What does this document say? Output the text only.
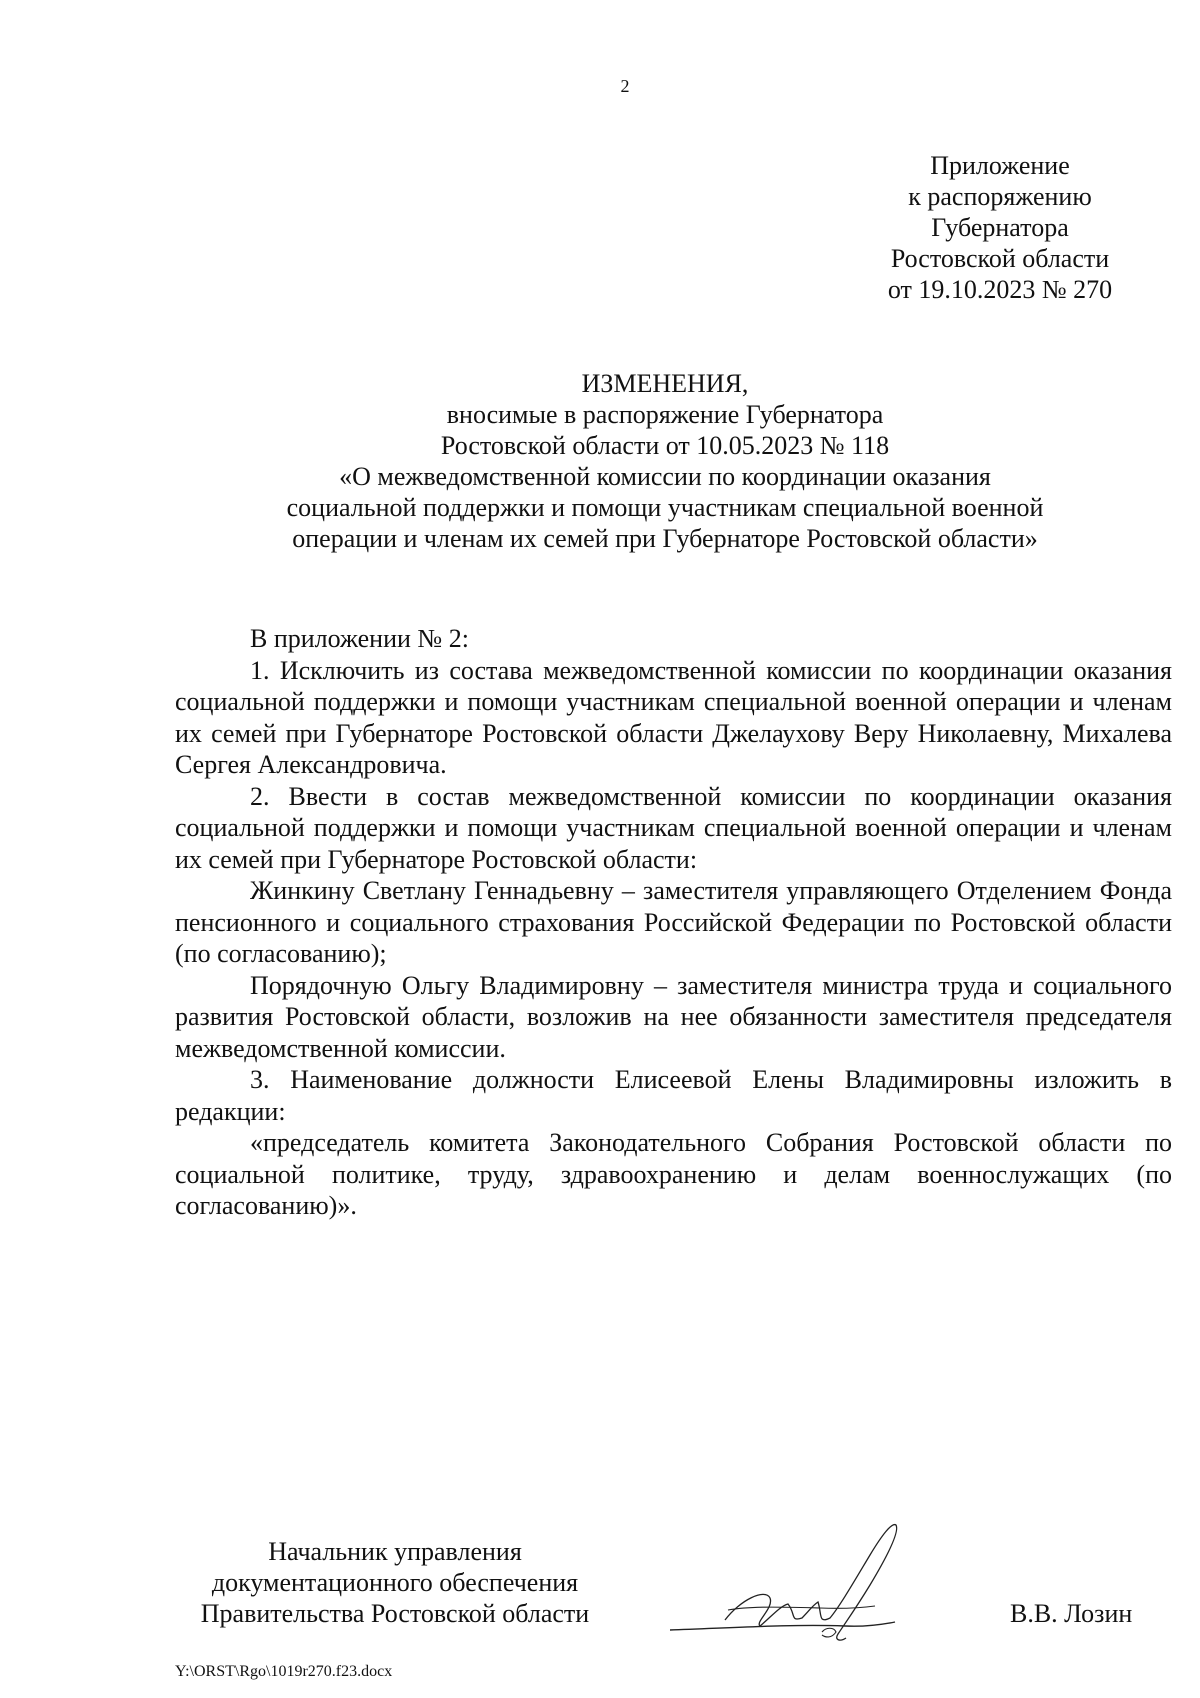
2
Приложение
к распоряжению
Губернатора
Ростовской области
от 19.10.2023 № 270
ИЗМЕНЕНИЯ,
вносимые в распоряжение Губернатора
Ростовской области от 10.05.2023 № 118
«О межведомственной комиссии по координации оказания
социальной поддержки и помощи участникам специальной военной
операции и членам их семей при Губернаторе Ростовской области»

В приложении № 2:

1. Исключить из состава межведомственной комиссии по координации оказания социальной поддержки и помощи участникам специальной военной операции и членам их семей при Губернаторе Ростовской области Джелаухову Веру Николаевну, Михалева Сергея Александровича.

2. Ввести в состав межведомственной комиссии по координации оказания социальной поддержки и помощи участникам специальной военной операции и членам их семей при Губернаторе Ростовской области:

Жинкину Светлану Геннадьевну – заместителя управляющего Отделением Фонда пенсионного и социального страхования Российской Федерации по Ростовской области (по согласованию);

Порядочную Ольгу Владимировну – заместителя министра труда и социального развития Ростовской области, возложив на нее обязанности заместителя председателя межведомственной комиссии.

3. Наименование должности Елисеевой Елены Владимировны изложить в редакции:

«председатель комитета Законодательного Собрания Ростовской области по социальной политике, труду, здравоохранению и делам военнослужащих (по согласованию)».

Начальник управления
документационного обеспечения
Правительства Ростовской области	В.В. Лозин
Y:\ORST\Rgo\1019r270.f23.docx
